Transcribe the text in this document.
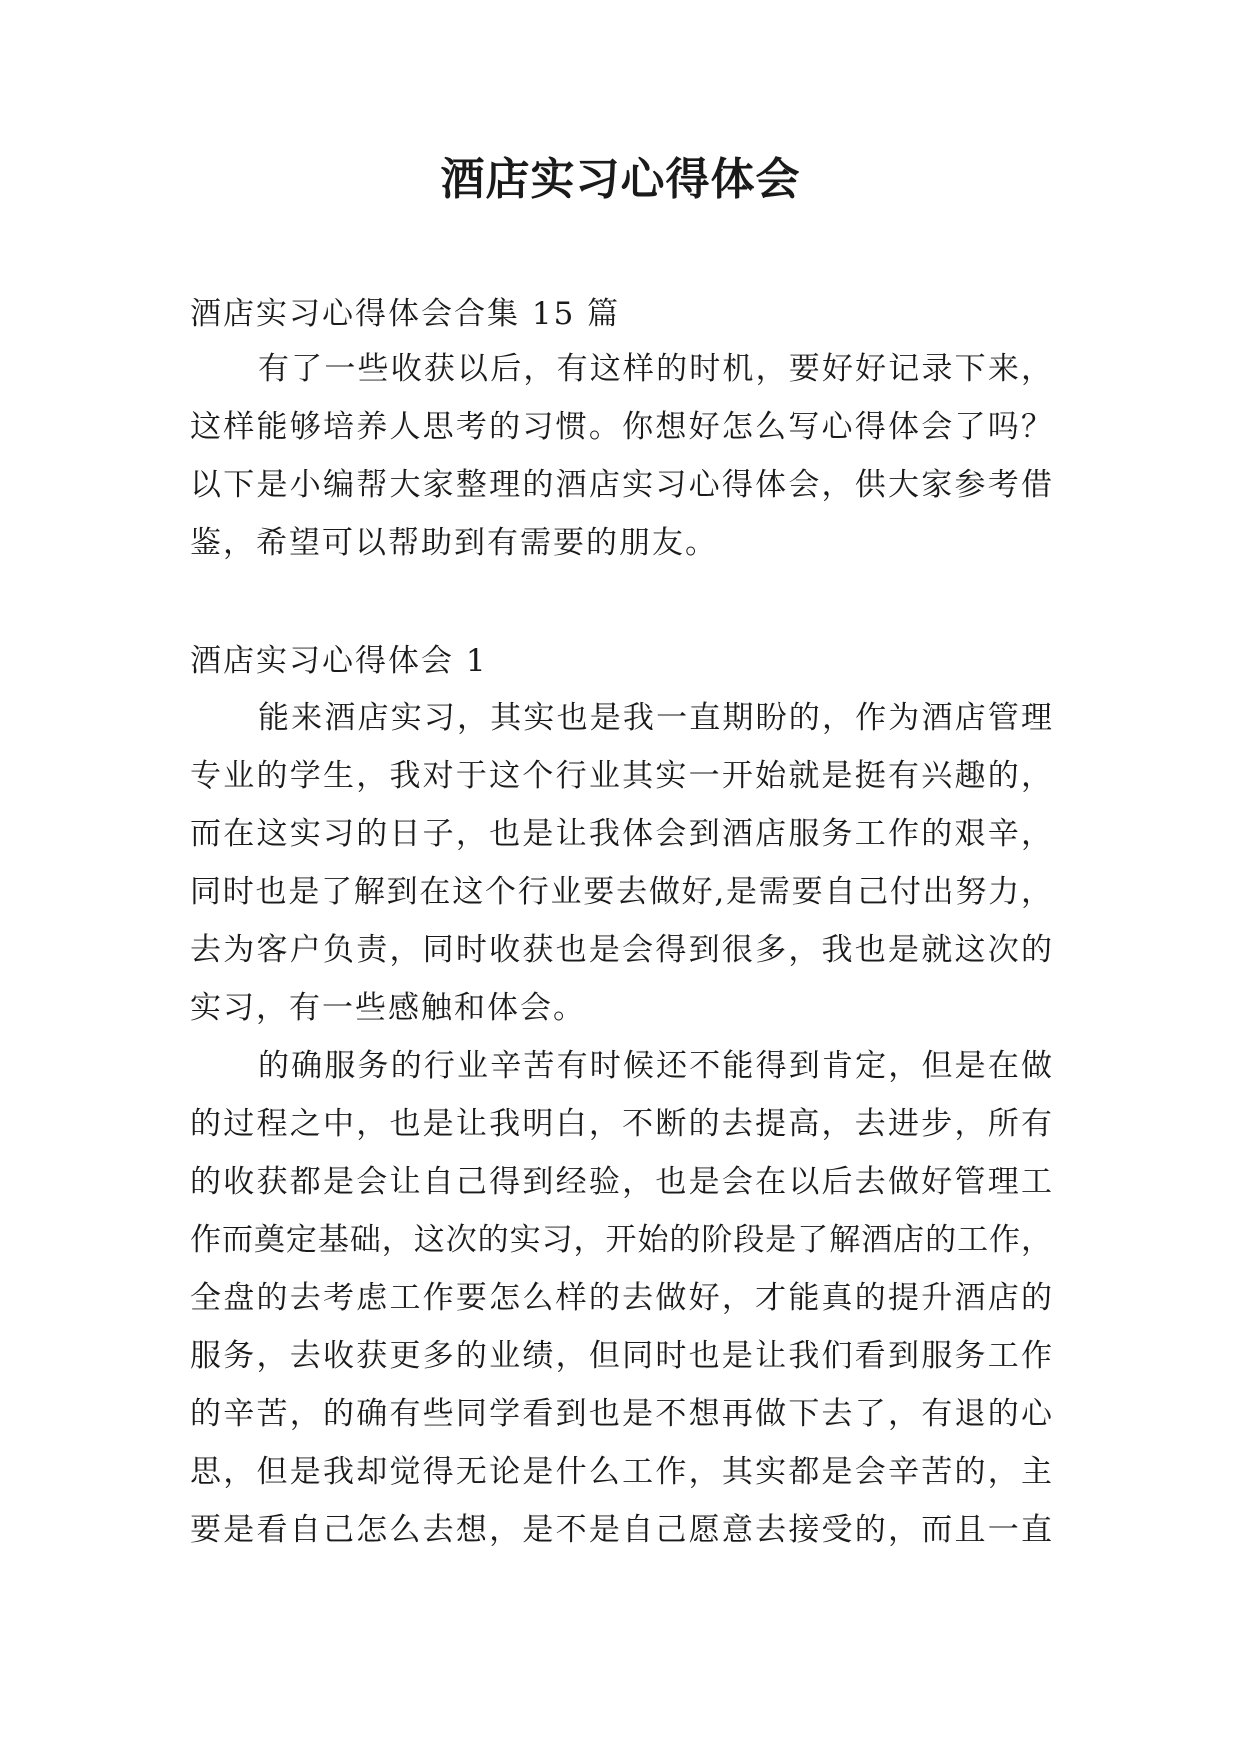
酒店实习心得体会
酒店实习心得体会合集 15 篇
有了一些收获以后，有这样的时机，要好好记录下来，
这样能够培养人思考的习惯。你想好怎么写心得体会了吗？
以下是小编帮大家整理的酒店实习心得体会，供大家参考借
鉴，希望可以帮助到有需要的朋友。
酒店实习心得体会 1
能来酒店实习，其实也是我一直期盼的，作为酒店管理
专业的学生，我对于这个行业其实一开始就是挺有兴趣的，
而在这实习的日子，也是让我体会到酒店服务工作的艰辛，
同时也是了解到在这个行业要去做好,是需要自己付出努力，
去为客户负责，同时收获也是会得到很多，我也是就这次的
实习，有一些感触和体会。
的确服务的行业辛苦有时候还不能得到肯定，但是在做
的过程之中，也是让我明白，不断的去提高，去进步，所有
的收获都是会让自己得到经验，也是会在以后去做好管理工
作而奠定基础，这次的实习，开始的阶段是了解酒店的工作，
全盘的去考虑工作要怎么样的去做好，才能真的提升酒店的
服务，去收获更多的业绩，但同时也是让我们看到服务工作
的辛苦，的确有些同学看到也是不想再做下去了，有退的心
思，但是我却觉得无论是什么工作，其实都是会辛苦的，主
要是看自己怎么去想，是不是自己愿意去接受的，而且一直
